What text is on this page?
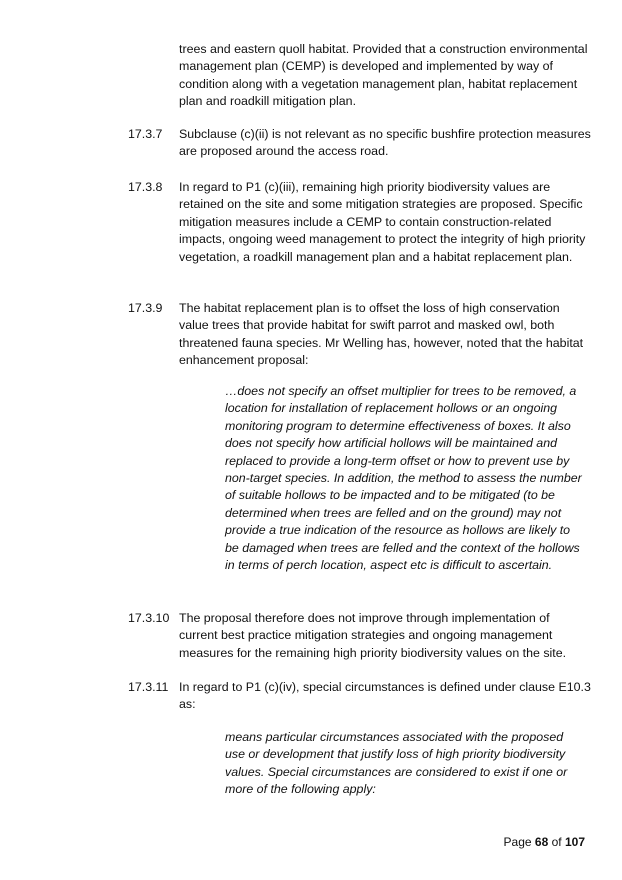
trees and eastern quoll habitat. Provided that a construction environmental management plan (CEMP) is developed and implemented by way of condition along with a vegetation management plan, habitat replacement plan and roadkill mitigation plan.
17.3.7	Subclause (c)(ii) is not relevant as no specific bushfire protection measures are proposed around the access road.
17.3.8	In regard to P1 (c)(iii), remaining high priority biodiversity values are retained on the site and some mitigation strategies are proposed. Specific mitigation measures include a CEMP to contain construction-related impacts, ongoing weed management to protect the integrity of high priority vegetation, a roadkill management plan and a habitat replacement plan.
17.3.9	The habitat replacement plan is to offset the loss of high conservation value trees that provide habitat for swift parrot and masked owl, both threatened fauna species. Mr Welling has, however, noted that the habitat enhancement proposal:
…does not specify an offset multiplier for trees to be removed, a location for installation of replacement hollows or an ongoing monitoring program to determine effectiveness of boxes. It also does not specify how artificial hollows will be maintained and replaced to provide a long-term offset or how to prevent use by non-target species. In addition, the method to assess the number of suitable hollows to be impacted and to be mitigated (to be determined when trees are felled and on the ground) may not provide a true indication of the resource as hollows are likely to be damaged when trees are felled and the context of the hollows in terms of perch location, aspect etc is difficult to ascertain.
17.3.10 The proposal therefore does not improve through implementation of current best practice mitigation strategies and ongoing management measures for the remaining high priority biodiversity values on the site.
17.3.11 In regard to P1 (c)(iv), special circumstances is defined under clause E10.3 as:
means particular circumstances associated with the proposed use or development that justify loss of high priority biodiversity values. Special circumstances are considered to exist if one or more of the following apply:
Page 68 of 107
